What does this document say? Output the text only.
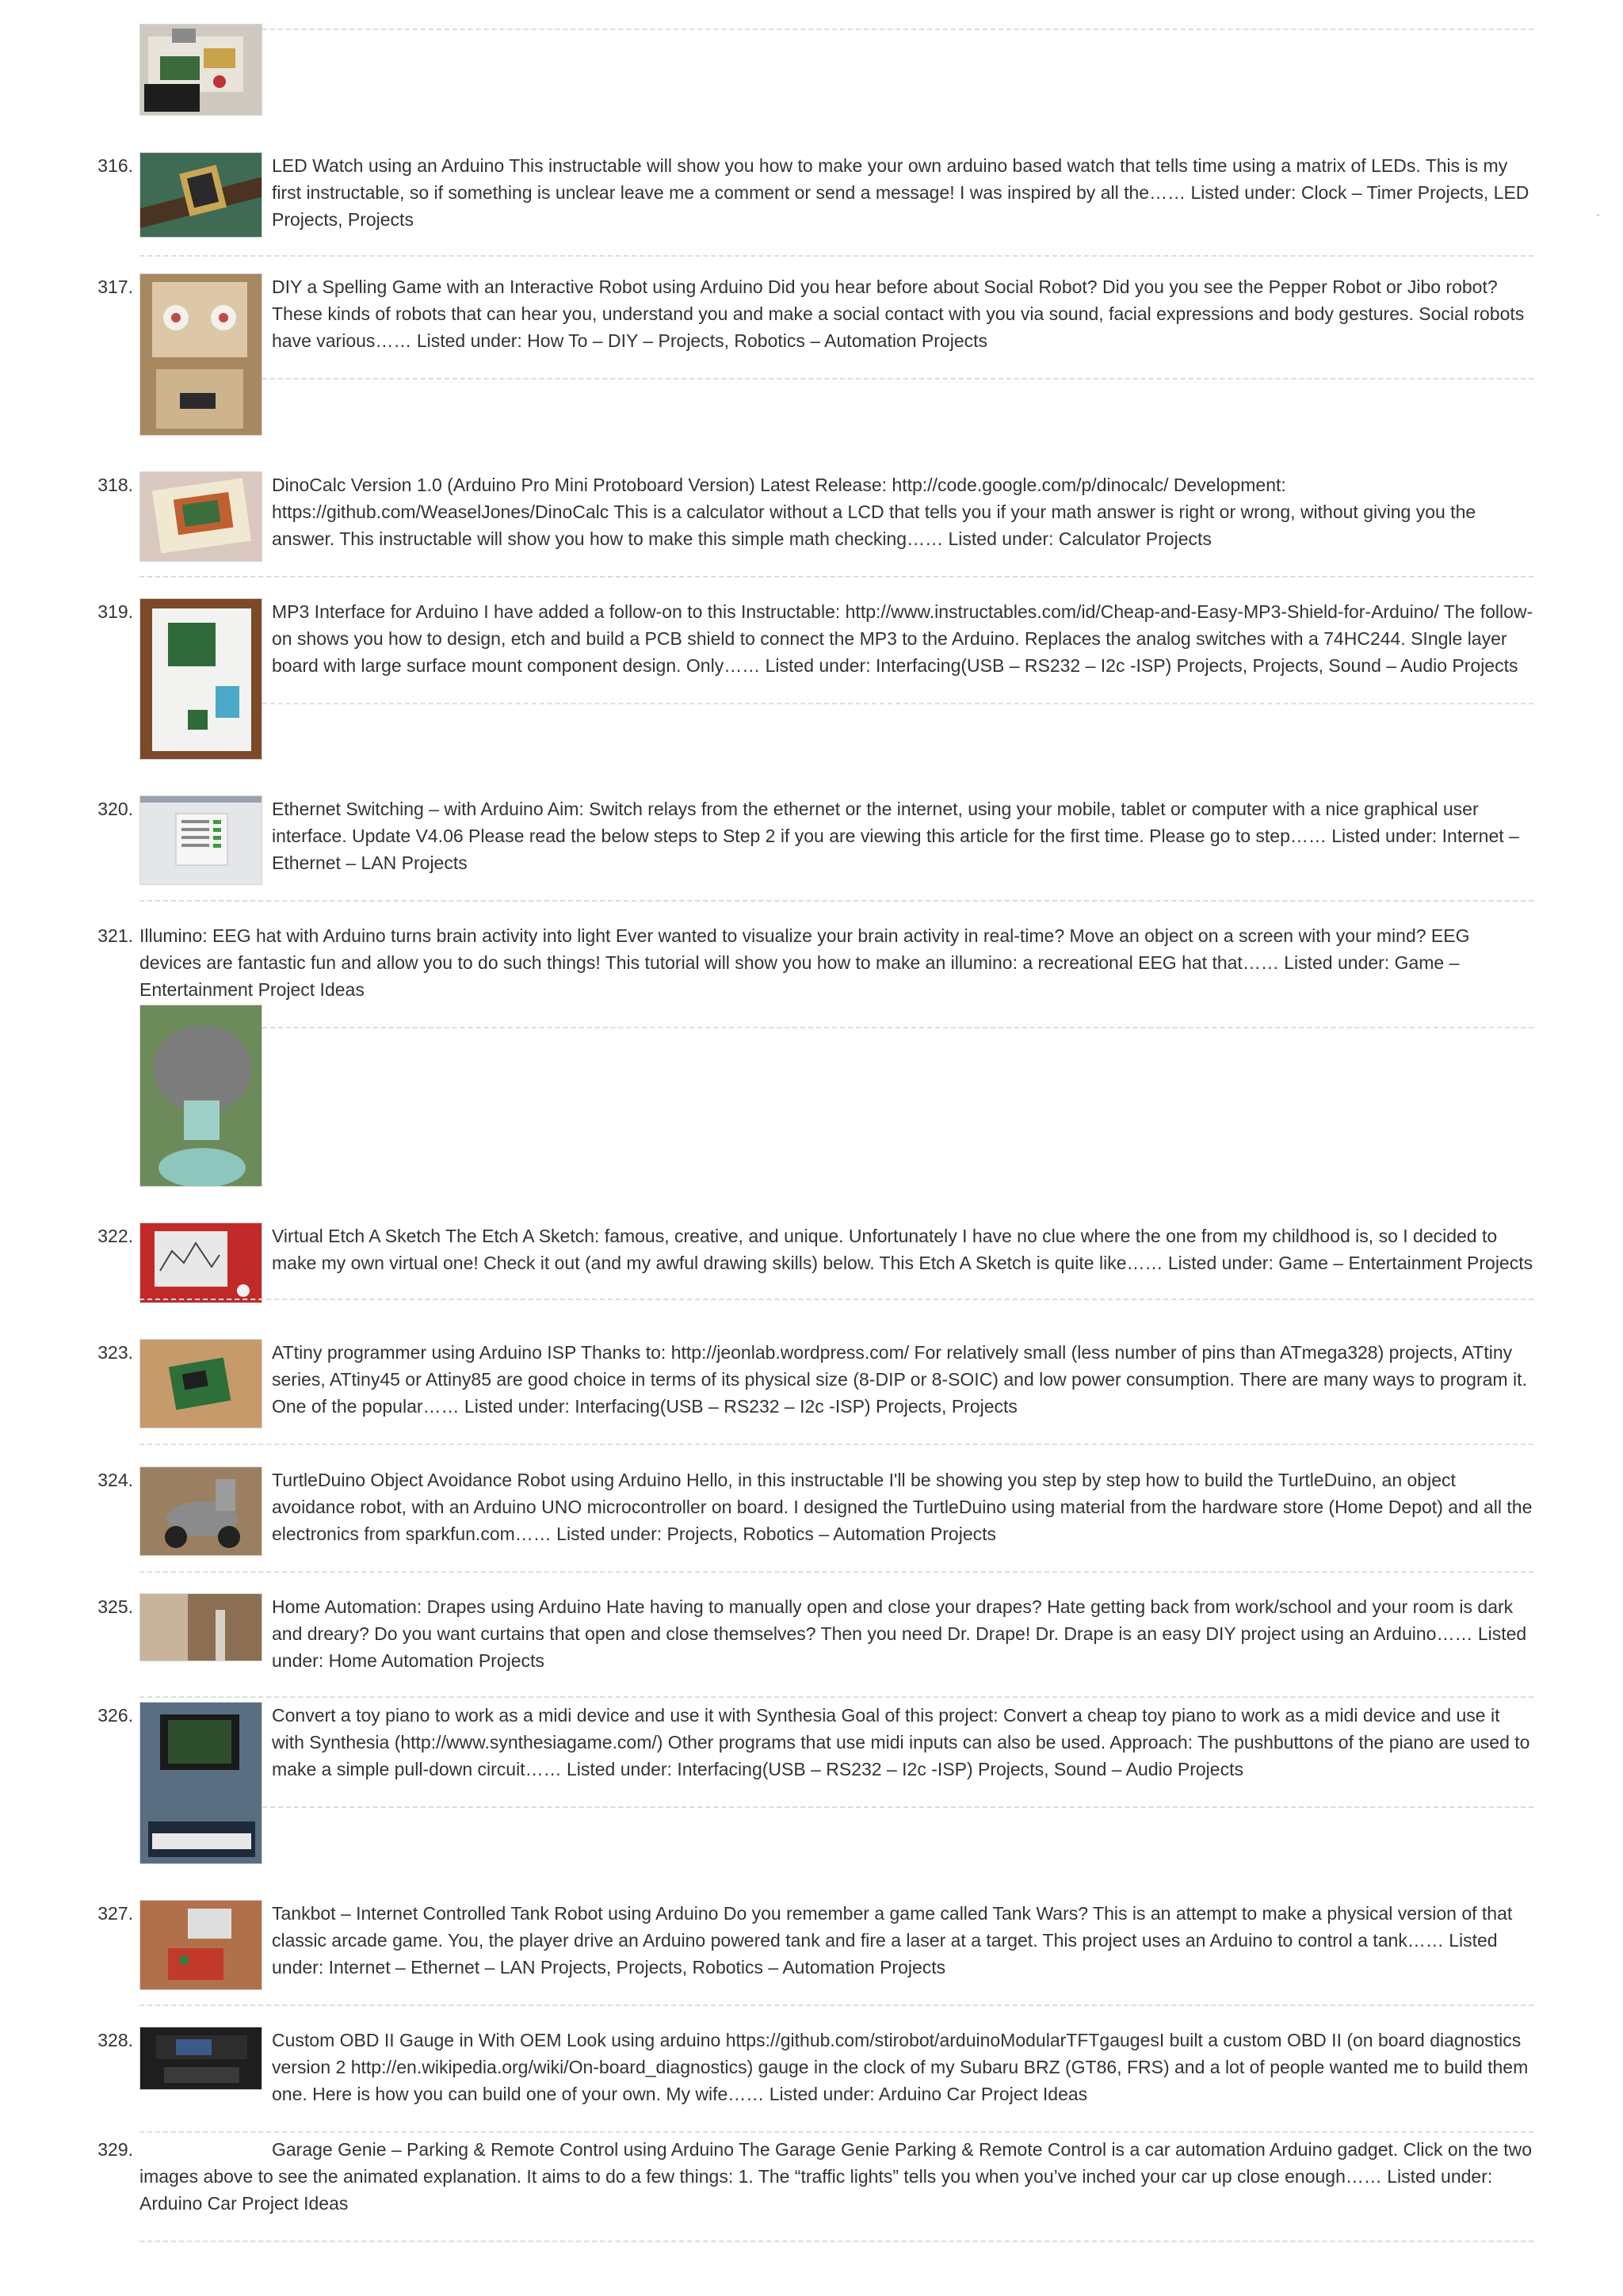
316.	LED Watch using an Arduino This instructable will show you how to make your own arduino based watch that tells time using a matrix of LEDs. This is my first instructable, so if something is unclear leave me a comment or send a message! I was inspired by all the…… Listed under: Clock – Timer Projects, LED Projects, Projects
317.	DIY a Spelling Game with an Interactive Robot using Arduino Did you hear before about Social Robot? Did you you see the Pepper Robot or Jibo robot? These kinds of robots that can hear you, understand you and make a social contact with you via sound, facial expressions and body gestures. Social robots have various…… Listed under: How To – DIY – Projects, Robotics – Automation Projects
318.	DinoCalc Version 1.0 (Arduino Pro Mini Protoboard Version) Latest Release: http://code.google.com/p/dinocalc/ Development: https://github.com/WeaselJones/DinoCalc This is a calculator without a LCD that tells you if your math answer is right or wrong, without giving you the answer. This instructable will show you how to make this simple math checking…… Listed under: Calculator Projects
319.	MP3 Interface for Arduino I have added a follow-on to this Instructable: http://www.instructables.com/id/Cheap-and-Easy-MP3-Shield-for-Arduino/ The follow-on shows you how to design, etch and build a PCB shield to connect the MP3 to the Arduino. Replaces the analog switches with a 74HC244. SIngle layer board with large surface mount component design. Only…… Listed under: Interfacing(USB – RS232 – I2c -ISP) Projects, Projects, Sound – Audio Projects
320.	Ethernet Switching – with Arduino Aim: Switch relays from the ethernet or the internet, using your mobile, tablet or computer with a nice graphical user interface. Update V4.06 Please read the below steps to Step 2 if you are viewing this article for the first time. Please go to step…… Listed under: Internet – Ethernet – LAN Projects
321. Illumino: EEG hat with Arduino turns brain activity into light Ever wanted to visualize your brain activity in real-time? Move an object on a screen with your mind? EEG devices are fantastic fun and allow you to do such things! This tutorial will show you how to make an illumino: a recreational EEG hat that…… Listed under: Game – Entertainment Project Ideas
322.	Virtual Etch A Sketch The Etch A Sketch: famous, creative, and unique. Unfortunately I have no clue where the one from my childhood is, so I decided to make my own virtual one! Check it out (and my awful drawing skills) below. This Etch A Sketch is quite like…… Listed under: Game – Entertainment Projects
323.	ATtiny programmer using Arduino ISP Thanks to: http://jeonlab.wordpress.com/ For relatively small (less number of pins than ATmega328) projects, ATtiny series, ATtiny45 or Attiny85 are good choice in terms of its physical size (8-DIP or 8-SOIC) and low power consumption. There are many ways to program it. One of the popular…… Listed under: Interfacing(USB – RS232 – I2c -ISP) Projects, Projects
324.	TurtleDuino Object Avoidance Robot using Arduino Hello, in this instructable I'll be showing you step by step how to build the TurtleDuino, an object avoidance robot, with an Arduino UNO microcontroller on board. I designed the TurtleDuino using material from the hardware store (Home Depot) and all the electronics from sparkfun.com…… Listed under: Projects, Robotics – Automation Projects
325.	Home Automation: Drapes using Arduino Hate having to manually open and close your drapes? Hate getting back from work/school and your room is dark and dreary? Do you want curtains that open and close themselves? Then you need Dr. Drape! Dr. Drape is an easy DIY project using an Arduino…… Listed under: Home Automation Projects
326.	Convert a toy piano to work as a midi device and use it with Synthesia Goal of this project: Convert a cheap toy piano to work as a midi device and use it with Synthesia (http://www.synthesiagame.com/) Other programs that use midi inputs can also be used. Approach: The pushbuttons of the piano are used to make a simple pull-down circuit…… Listed under: Interfacing(USB – RS232 – I2c -ISP) Projects, Sound – Audio Projects
327.	Tankbot – Internet Controlled Tank Robot using Arduino Do you remember a game called Tank Wars? This is an attempt to make a physical version of that classic arcade game. You, the player drive an Arduino powered tank and fire a laser at a target. This project uses an Arduino to control a tank…… Listed under: Internet – Ethernet – LAN Projects, Projects, Robotics – Automation Projects
328.	Custom OBD II Gauge in With OEM Look using arduino https://github.com/stirobot/arduinoModularTFTgaugesI built a custom OBD II (on board diagnostics version 2 http://en.wikipedia.org/wiki/On-board_diagnostics) gauge in the clock of my Subaru BRZ (GT86, FRS) and a lot of people wanted me to build them one. Here is how you can build one of your own. My wife…… Listed under: Arduino Car Project Ideas
329.	Garage Genie – Parking & Remote Control using Arduino The Garage Genie Parking & Remote Control is a car automation Arduino gadget. Click on the two images above to see the animated explanation. It aims to do a few things: 1. The “traffic lights” tells you when you’ve inched your car up close enough…… Listed under: Arduino Car Project Ideas
